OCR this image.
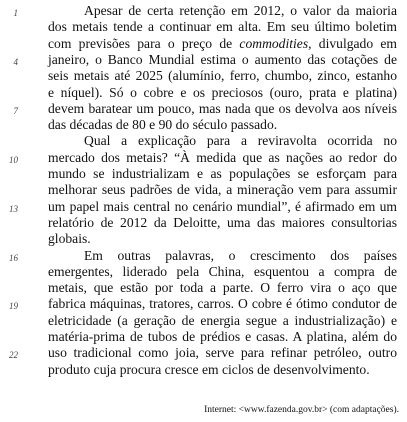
Apesar de certa retenção em 2012, o valor da maioria
dos metais tende a continuar em alta. Em seu último boletim
com previsões para o preço de commodities, divulgado em
janeiro, o Banco Mundial estima o aumento das cotações de
seis metais até 2025 (alumínio, ferro, chumbo, zinco, estanho
e níquel). Só o cobre e os preciosos (ouro, prata e platina)
devem baratear um pouco, mas nada que os devolva aos níveis
das décadas de 80 e 90 do século passado.
Qual a explicação para a reviravolta ocorrida no
mercado dos metais? “À medida que as nações ao redor do
mundo se industrializam e as populações se esforçam para
melhorar seus padrões de vida, a mineração vem para assumir
um papel mais central no cenário mundial”, é afirmado em um
relatório de 2012 da Deloitte, uma das maiores consultorias
globais.
Em outras palavras, o crescimento dos países
emergentes, liderado pela China, esquentou a compra de
metais, que estão por toda a parte. O ferro vira o aço que
fabrica máquinas, tratores, carros. O cobre é ótimo condutor de
eletricidade (a geração de energia segue a industrialização) e
matéria-prima de tubos de prédios e casas. A platina, além do
uso tradicional como joia, serve para refinar petróleo, outro
produto cuja procura cresce em ciclos de desenvolvimento.
1
4
7
10
13
16
19
22
Internet: <www.fazenda.gov.br> (com adaptações).
